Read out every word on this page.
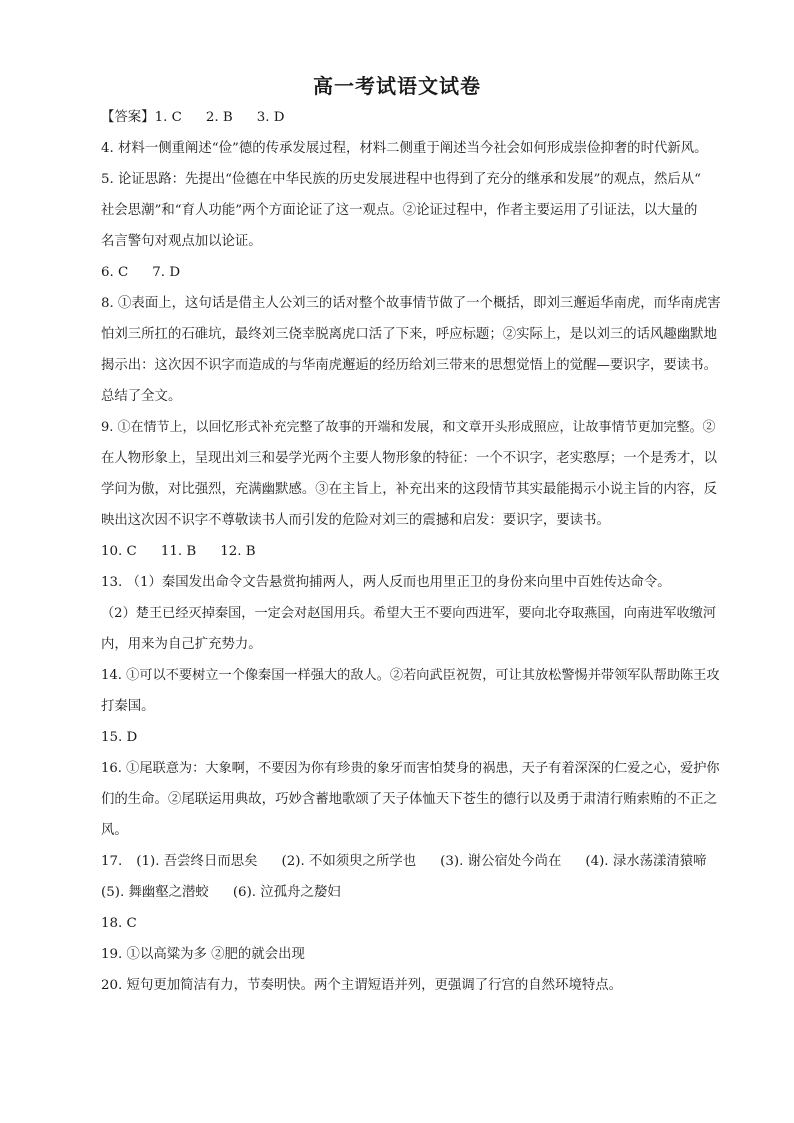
高一考试语文试卷
【答案】1. C 2. B 3. D
4. 材料一侧重阐述“俭”德的传承发展过程，材料二侧重于阐述当今社会如何形成崇俭抑奢的时代新风。
5. 论证思路：先提出“俭德在中华民族的历史发展进程中也得到了充分的继承和发展”的观点，然后从“
社会思潮”和“育人功能”两个方面论证了这一观点。②论证过程中，作者主要运用了引证法，以大量的
名言警句对观点加以论证。
6. C 7. D
8. ①表面上，这句话是借主人公刘三的话对整个故事情节做了一个概括，即刘三邂逅华南虎，而华南虎害
怕刘三所扛的石碓坑，最终刘三侥幸脱离虎口活了下来，呼应标题；②实际上，是以刘三的话风趣幽默地
揭示出：这次因不识字而造成的与华南虎邂逅的经历给刘三带来的思想觉悟上的觉醒—要识字，要读书。
总结了全文。
9. ①在情节上，以回忆形式补充完整了故事的开端和发展，和文章开头形成照应，让故事情节更加完整。②
在人物形象上，呈现出刘三和晏学光两个主要人物形象的特征：一个不识字，老实憨厚；一个是秀才，以
学问为傲，对比强烈，充满幽默感。③在主旨上，补充出来的这段情节其实最能揭示小说主旨的内容，反
映出这次因不识字不尊敬读书人而引发的危险对刘三的震撼和启发：要识字，要读书。
10. C 11. B 12. B
13. （1）秦国发出命令文告悬赏拘捕两人，两人反而也用里正卫的身份来向里中百姓传达命令。
（2）楚王已经灭掉秦国，一定会对赵国用兵。希望大王不要向西进军，要向北夺取燕国，向南进军收缴河
内，用来为自己扩充势力。
14. ①可以不要树立一个像秦国一样强大的敌人。②若向武臣祝贺，可让其放松警惕并带领军队帮助陈王攻
打秦国。
15. D
16. ①尾联意为：大象啊，不要因为你有珍贵的象牙而害怕焚身的祸患，天子有着深深的仁爱之心，爱护你
们的生命。②尾联运用典故，巧妙含蓄地歌颂了天子体恤天下苍生的德行以及勇于肃清行贿索贿的不正之
风。
17. (1). 吾尝终日而思矣 (2). 不如须臾之所学也 (3). 谢公宿处今尚在 (4). 渌水荡漾清猿啼
(5). 舞幽壑之潜蛟 (6). 泣孤舟之嫠妇
18. C
19. ①以高粱为多 ②肥的就会出现
20. 短句更加简洁有力，节奏明快。两个主谓短语并列，更强调了行宫的自然环境特点。
